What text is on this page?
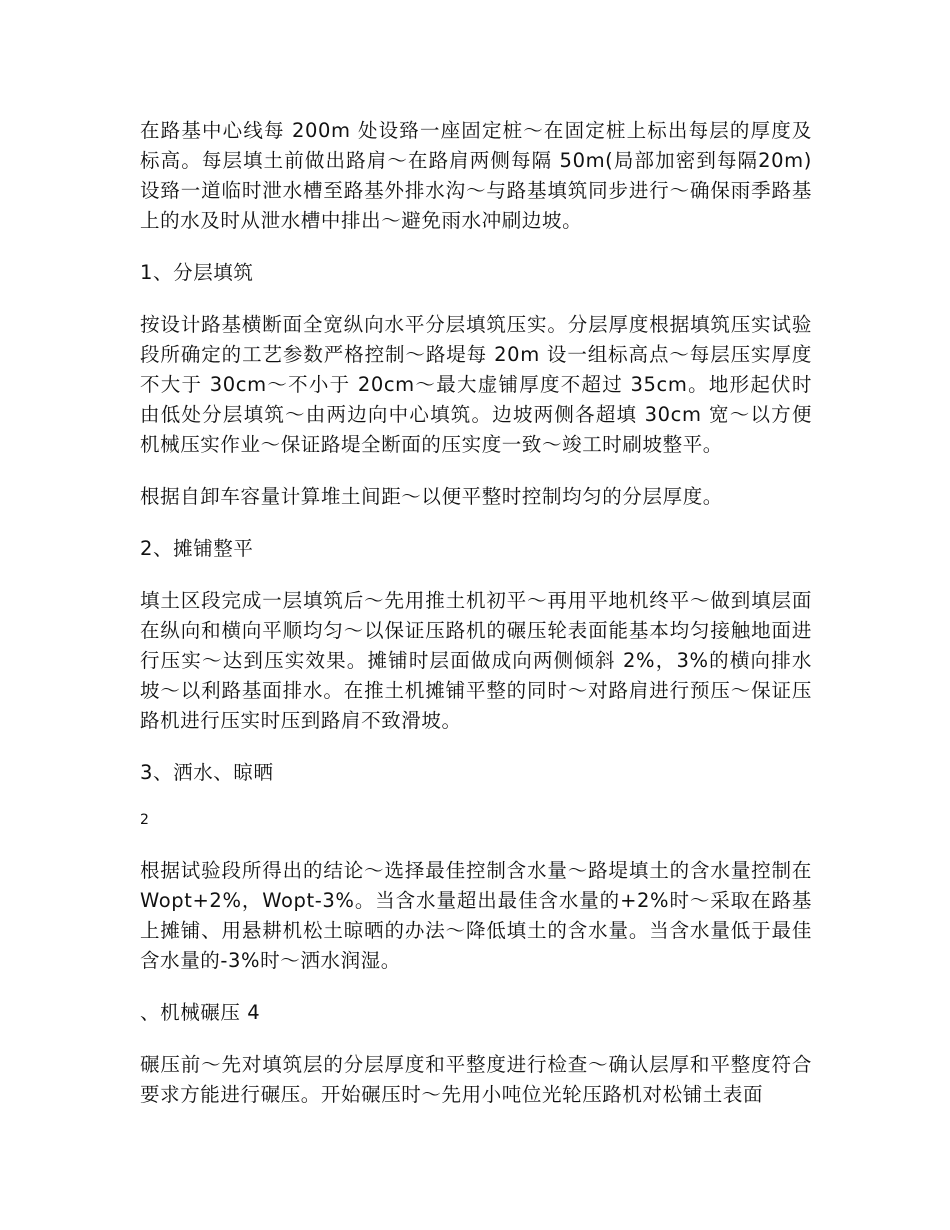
在路基中心线每 200m 处设臵一座固定桩～在固定桩上标出每层的厚度及标高。每层填土前做出路肩～在路肩两侧每隔 50m(局部加密到每隔20m)设臵一道临时泄水槽至路基外排水沟～与路基填筑同步进行～确保雨季路基上的水及时从泄水槽中排出～避免雨水冲刷边坡。

1、分层填筑

按设计路基横断面全宽纵向水平分层填筑压实。分层厚度根据填筑压实试验段所确定的工艺参数严格控制～路堤每 20m 设一组标高点～每层压实厚度不大于 30cm～不小于 20cm～最大虚铺厚度不超过 35cm。地形起伏时由低处分层填筑～由两边向中心填筑。边坡两侧各超填 30cm 宽～以方便机械压实作业～保证路堤全断面的压实度一致～竣工时刷坡整平。

根据自卸车容量计算堆土间距～以便平整时控制均匀的分层厚度。

2、摊铺整平

填土区段完成一层填筑后～先用推土机初平～再用平地机终平～做到填层面在纵向和横向平顺均匀～以保证压路机的碾压轮表面能基本均匀接触地面进行压实～达到压实效果。摊铺时层面做成向两侧倾斜 2%，3%的横向排水坡～以利路基面排水。在推土机摊铺平整的同时～对路肩进行预压～保证压路机进行压实时压到路肩不致滑坡。

3、洒水、晾晒

2

根据试验段所得出的结论～选择最佳控制含水量～路堤填土的含水量控制在 Wopt+2%，Wopt-3%。当含水量超出最佳含水量的+2%时～采取在路基上摊铺、用悬耕机松土晾晒的办法～降低填土的含水量。当含水量低于最佳含水量的-3%时～洒水润湿。

、机械碾压 4

碾压前～先对填筑层的分层厚度和平整度进行检查～确认层厚和平整度符合要求方能进行碾压。开始碾压时～先用小吨位光轮压路机对松铺土表面
